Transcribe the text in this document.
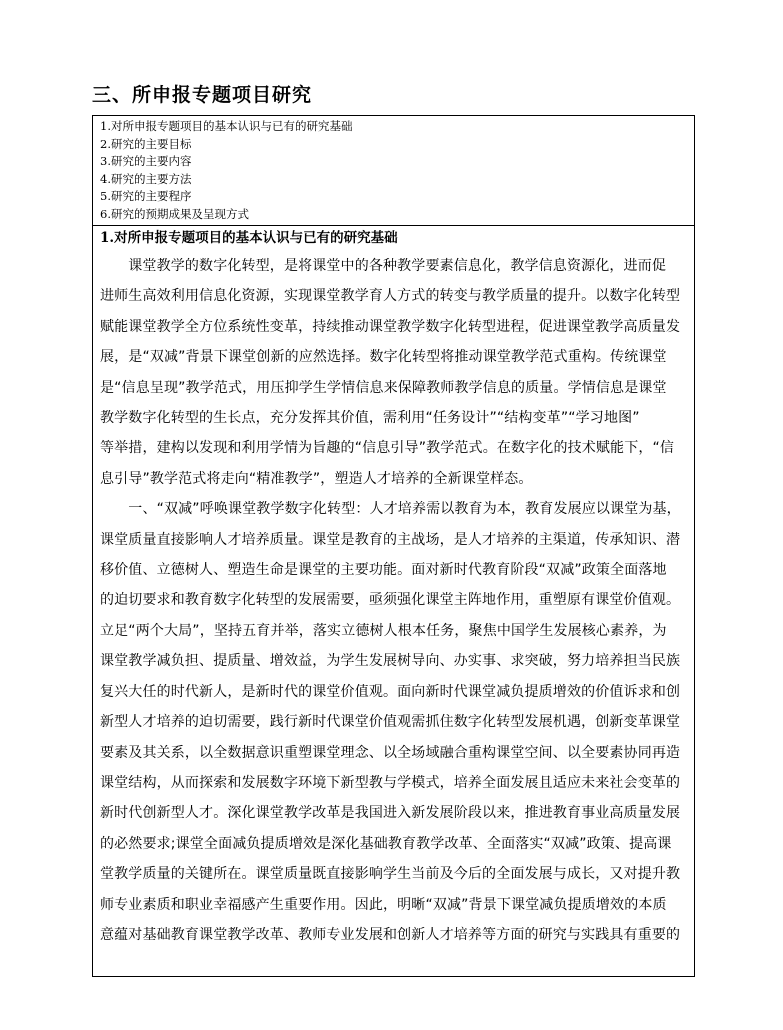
三、所申报专题项目研究
1.对所申报专题项目的基本认识与已有的研究基础
2.研究的主要目标
3.研究的主要内容
4.研究的主要方法
5.研究的主要程序
6.研究的预期成果及呈现方式
1.对所申报专题项目的基本认识与已有的研究基础
　　课堂教学的数字化转型，是将课堂中的各种教学要素信息化，教学信息资源化，进而促
进师生高效利用信息化资源，实现课堂教学育人方式的转变与教学质量的提升。以数字化转型
赋能课堂教学全方位系统性变革，持续推动课堂教学数字化转型进程，促进课堂教学高质量发
展，是“双减”背景下课堂创新的应然选择。数字化转型将推动课堂教学范式重构。传统课堂
是“信息呈现”教学范式，用压抑学生学情信息来保障教师教学信息的质量。学情信息是课堂
教学数字化转型的生长点，充分发挥其价值，需利用“任务设计”“结构变革”“学习地图”
等举措，建构以发现和利用学情为旨趣的“信息引导”教学范式。在数字化的技术赋能下，“信
息引导”教学范式将走向“精准教学”，塑造人才培养的全新课堂样态。
　　一、“双减”呼唤课堂教学数字化转型：人才培养需以教育为本，教育发展应以课堂为基，
课堂质量直接影响人才培养质量。课堂是教育的主战场，是人才培养的主渠道，传承知识、潜
移价值、立德树人、塑造生命是课堂的主要功能。面对新时代教育阶段“双减”政策全面落地
的迫切要求和教育数字化转型的发展需要，亟须强化课堂主阵地作用，重塑原有课堂价值观。
立足“两个大局”，坚持五育并举，落实立德树人根本任务，聚焦中国学生发展核心素养，为
课堂教学减负担、提质量、增效益，为学生发展树导向、办实事、求突破，努力培养担当民族
复兴大任的时代新人，是新时代的课堂价值观。面向新时代课堂减负提质增效的价值诉求和创
新型人才培养的迫切需要，践行新时代课堂价值观需抓住数字化转型发展机遇，创新变革课堂
要素及其关系，以全数据意识重塑课堂理念、以全场域融合重构课堂空间、以全要素协同再造
课堂结构，从而探索和发展数字环境下新型教与学模式，培养全面发展且适应未来社会变革的
新时代创新型人才。深化课堂教学改革是我国进入新发展阶段以来，推进教育事业高质量发展
的必然要求;课堂全面减负提质增效是深化基础教育教学改革、全面落实“双减”政策、提高课
堂教学质量的关键所在。课堂质量既直接影响学生当前及今后的全面发展与成长，又对提升教
师专业素质和职业幸福感产生重要作用。因此，明晰“双减”背景下课堂减负提质增效的本质
意蕴对基础教育课堂教学改革、教师专业发展和创新人才培养等方面的研究与实践具有重要的
